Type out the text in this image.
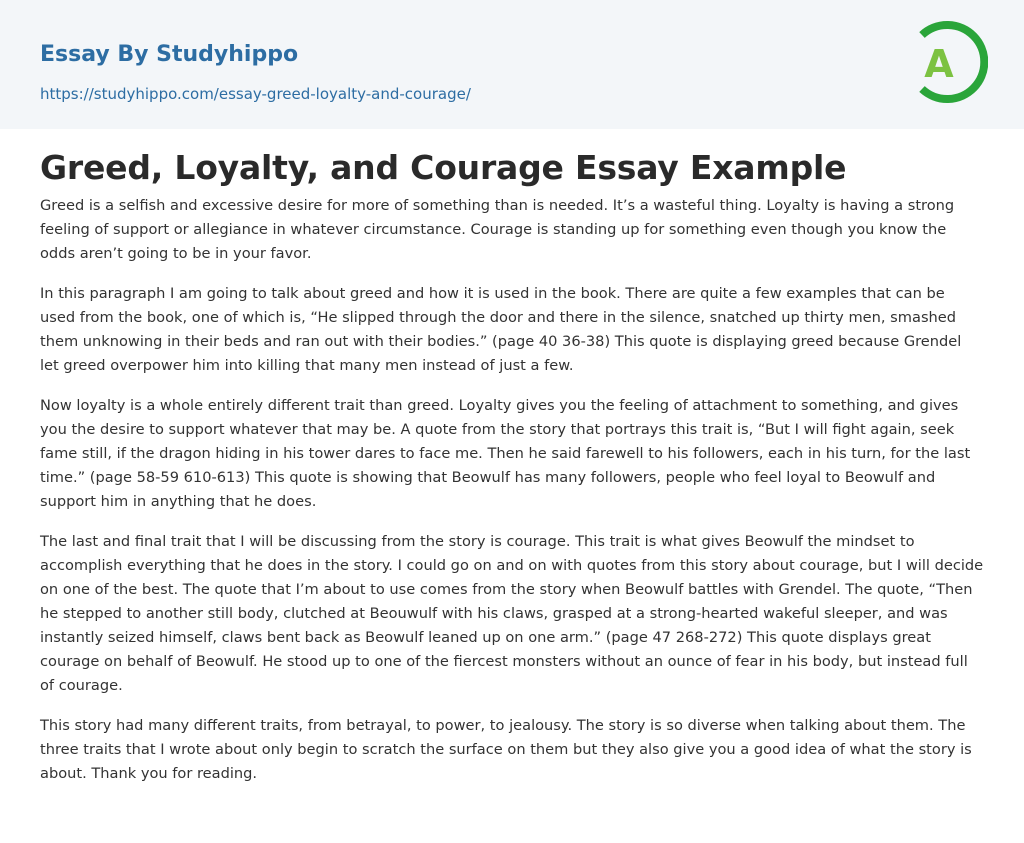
Essay By Studyhippo
https://studyhippo.com/essay-greed-loyalty-and-courage/
A
Greed, Loyalty, and Courage Essay Example

Greed is a selfish and excessive desire for more of something than is needed. It’s a wasteful thing. Loyalty is having a strong feeling of support or allegiance in whatever circumstance. Courage is standing up for something even though you know the odds aren’t going to be in your favor.

In this paragraph I am going to talk about greed and how it is used in the book. There are quite a few examples that can be used from the book, one of which is, “He slipped through the door and there in the silence, snatched up thirty men, smashed them unknowing in their beds and ran out with their bodies.” (page 40 36-38) This quote is displaying greed because Grendel let greed overpower him into killing that many men instead of just a few.

Now loyalty is a whole entirely different trait than greed. Loyalty gives you the feeling of attachment to something, and gives you the desire to support whatever that may be. A quote from the story that portrays this trait is, “But I will fight again, seek fame still, if the dragon hiding in his tower dares to face me. Then he said farewell to his followers, each in his turn, for the last time.” (page 58-59 610-613) This quote is showing that Beowulf has many followers, people who feel loyal to Beowulf and support him in anything that he does.

The last and final trait that I will be discussing from the story is courage. This trait is what gives Beowulf the mindset to accomplish everything that he does in the story. I could go on and on with quotes from this story about courage, but I will decide on one of the best. The quote that I’m about to use comes from the story when Beowulf battles with Grendel. The quote, “Then he stepped to another still body, clutched at Beouwulf with his claws, grasped at a strong-hearted wakeful sleeper, and was instantly seized himself, claws bent back as Beowulf leaned up on one arm.” (page 47 268-272) This quote displays great courage on behalf of Beowulf. He stood up to one of the fiercest monsters without an ounce of fear in his body, but instead full of courage.

This story had many different traits, from betrayal, to power, to jealousy. The story is so diverse when talking about them. The three traits that I wrote about only begin to scratch the surface on them but they also give you a good idea of what the story is about. Thank you for reading.
